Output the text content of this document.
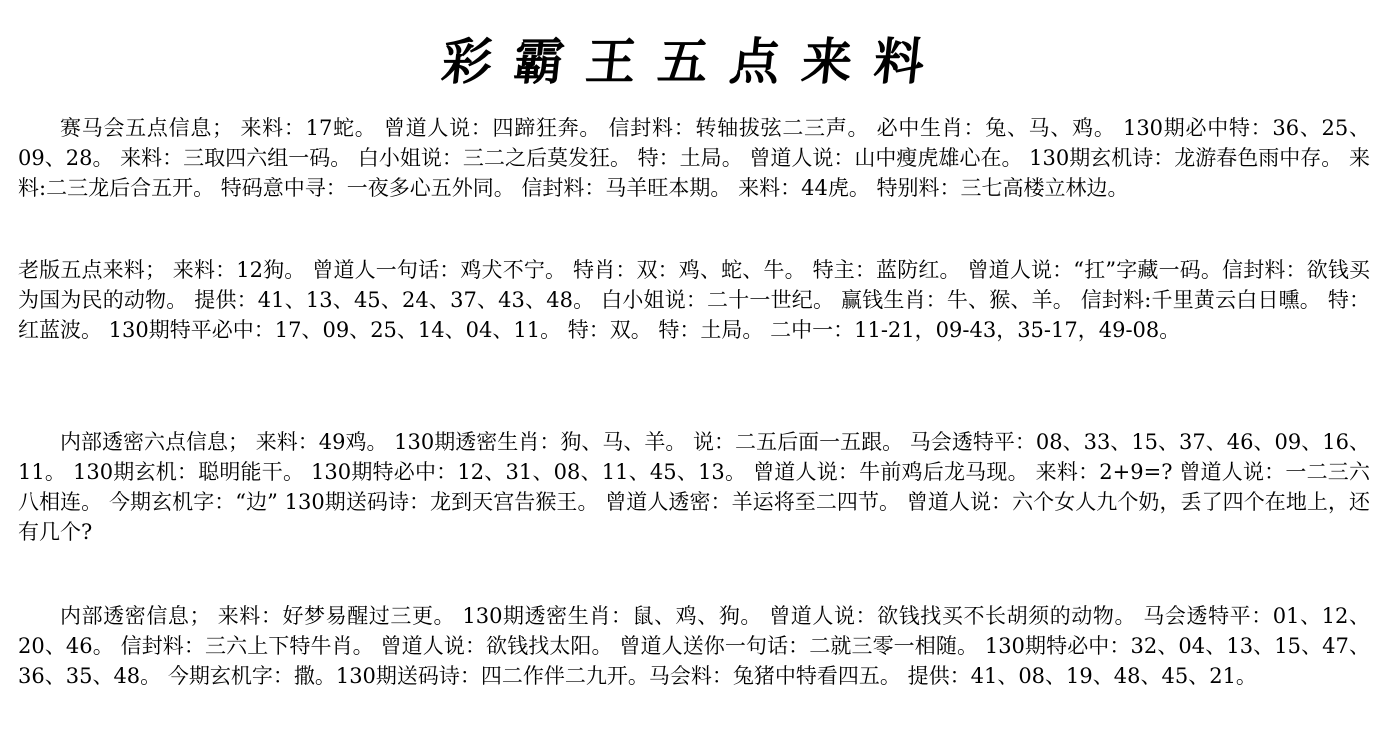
彩霸王五点来料
赛马会五点信息； 来料：17蛇。 曾道人说：四蹄狂奔。 信封料：转轴拔弦二三声。 必中生肖：兔、马、鸡。 130期必中特：36、25、09、28。 来料：三取四六组一码。 白小姐说：三二之后莫发狂。 特：土局。 曾道人说：山中瘦虎雄心在。 130期玄机诗：龙游春色雨中存。 来料:二三龙后合五开。 特码意中寻：一夜多心五外同。 信封料：马羊旺本期。 来料：44虎。 特别料：三七高楼立林边。
老版五点来料； 来料：12狗。 曾道人一句话：鸡犬不宁。 特肖：双：鸡、蛇、牛。 特主：蓝防红。 曾道人说：“扛”字藏一码。信封料：欲钱买为国为民的动物。 提供：41、13、45、24、37、43、48。 白小姐说：二十一世纪。 赢钱生肖：牛、猴、羊。 信封料:千里黄云白日曛。 特：红蓝波。 130期特平必中：17、09、25、14、04、11。 特：双。 特：土局。 二中一：11-21，09-43，35-17，49-08。
内部透密六点信息； 来料：49鸡。 130期透密生肖：狗、马、羊。 说：二五后面一五跟。 马会透特平：08、33、15、37、46、09、16、11。 130期玄机：聪明能干。 130期特必中：12、31、08、11、45、13。 曾道人说：牛前鸡后龙马现。 来料：2+9=? 曾道人说：一二三六八相连。 今期玄机字：“边” 130期送码诗：龙到天宫告猴王。 曾道人透密：羊运将至二四节。 曾道人说：六个女人九个奶，丢了四个在地上，还有几个?
内部透密信息； 来料：好梦易醒过三更。 130期透密生肖：鼠、鸡、狗。 曾道人说：欲钱找买不长胡须的动物。 马会透特平：01、12、20、46。 信封料：三六上下特牛肖。 曾道人说：欲钱找太阳。 曾道人送你一句话：二就三零一相随。 130期特必中：32、04、13、15、47、36、35、48。 今期玄机字：撒。130期送码诗：四二作伴二九开。马会料：兔猪中特看四五。 提供：41、08、19、48、45、21。
